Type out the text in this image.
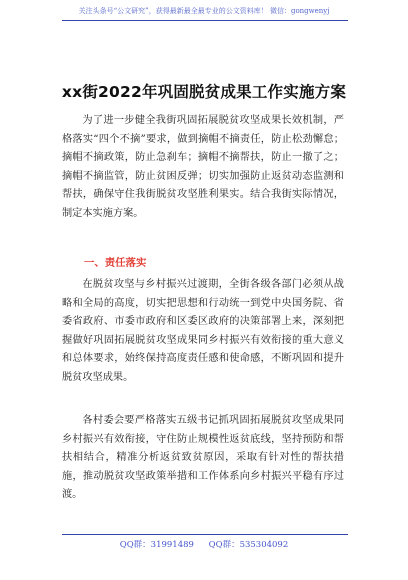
关注头条号“公文研究”，获得最新最全最专业的公文资料库！ 微信：gongwenyj
xx街2022年巩固脱贫成果工作实施方案

为了进一步健全我街巩固拓展脱贫攻坚成果长效机制，严格落实“四个不摘”要求，做到摘帽不摘责任，防止松劲懈怠；摘帽不摘政策，防止急刹车；摘帽不摘帮扶，防止一撤了之；摘帽不摘监管，防止贫困反弹；切实加强防止返贫动态监测和帮扶，确保守住我街脱贫攻坚胜利果实。结合我街实际情况，制定本实施方案。

一、责任落实

在脱贫攻坚与乡村振兴过渡期，全街各级各部门必须从战略和全局的高度，切实把思想和行动统一到党中央国务院、省委省政府、市委市政府和区委区政府的决策部署上来，深刻把握做好巩固拓展脱贫攻坚成果同乡村振兴有效衔接的重大意义和总体要求，始终保持高度责任感和使命感，不断巩固和提升脱贫攻坚成果。

各村委会要严格落实五级书记抓巩固拓展脱贫攻坚成果同乡村振兴有效衔接，守住防止规模性返贫底线，坚持预防和帮扶相结合，精准分析返贫致贫原因，采取有针对性的帮扶措施，推动脱贫攻坚政策举措和工作体系向乡村振兴平稳有序过渡。

QQ群：31991489 QQ群：535304092
